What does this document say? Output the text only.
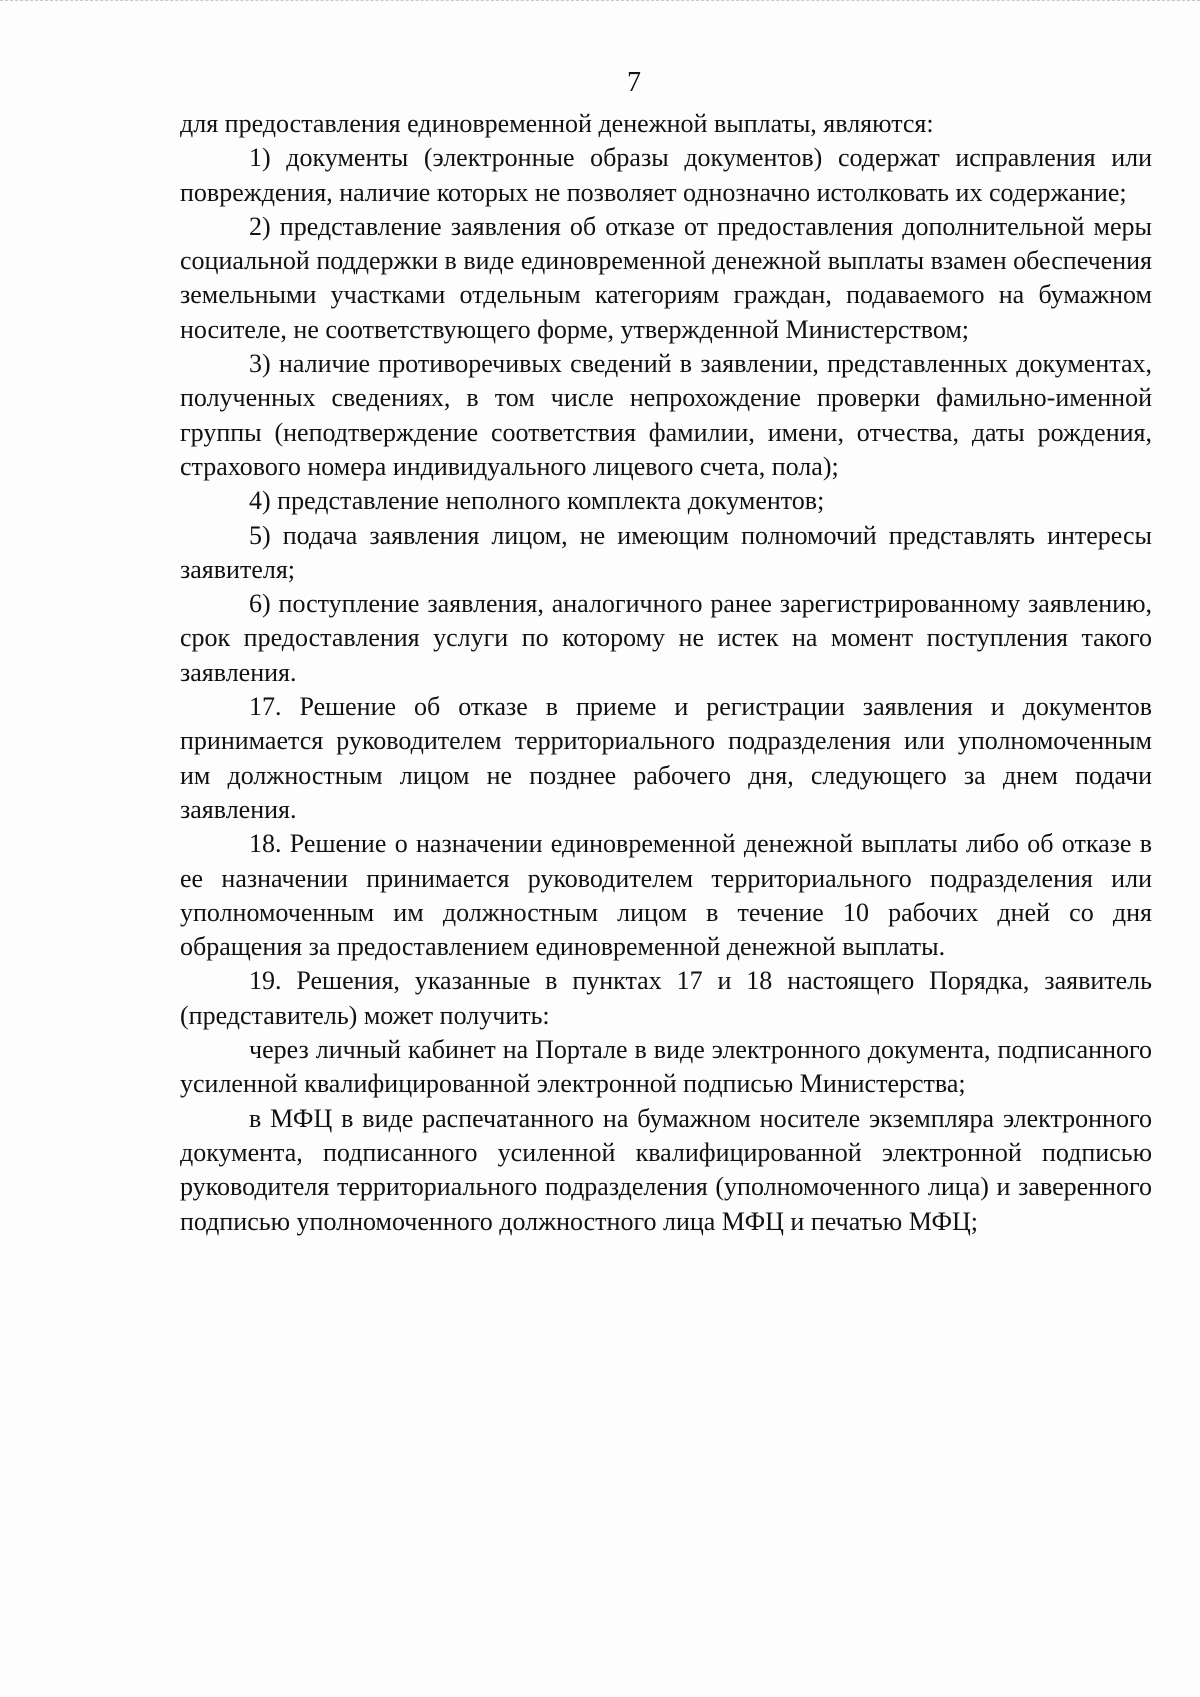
7

для предоставления единовременной денежной выплаты, являются:

1) документы (электронные образы документов) содержат исправления или повреждения, наличие которых не позволяет однозначно истолковать их содержание;

2) представление заявления об отказе от предоставления дополнительной меры социальной поддержки в виде единовременной денежной выплаты взамен обеспечения земельными участками отдельным категориям граждан, подаваемого на бумажном носителе, не соответствующего форме, утвержденной Министерством;

3) наличие противоречивых сведений в заявлении, представленных документах, полученных сведениях, в том числе непрохождение проверки фамильно-именной группы (неподтверждение соответствия фамилии, имени, отчества, даты рождения, страхового номера индивидуального лицевого счета, пола);

4) представление неполного комплекта документов;

5) подача заявления лицом, не имеющим полномочий представлять интересы заявителя;

6) поступление заявления, аналогичного ранее зарегистрированному заявлению, срок предоставления услуги по которому не истек на момент поступления такого заявления.

17. Решение об отказе в приеме и регистрации заявления и документов принимается руководителем территориального подразделения или уполномоченным им должностным лицом не позднее рабочего дня, следующего за днем подачи заявления.

18. Решение о назначении единовременной денежной выплаты либо об отказе в ее назначении принимается руководителем территориального подразделения или уполномоченным им должностным лицом в течение 10 рабочих дней со дня обращения за предоставлением единовременной денежной выплаты.

19. Решения, указанные в пунктах 17 и 18 настоящего Порядка, заявитель (представитель) может получить:

через личный кабинет на Портале в виде электронного документа, подписанного усиленной квалифицированной электронной подписью Министерства;

в МФЦ в виде распечатанного на бумажном носителе экземпляра электронного документа, подписанного усиленной квалифицированной электронной подписью руководителя территориального подразделения (уполномоченного лица) и заверенного подписью уполномоченного должностного лица МФЦ и печатью МФЦ;
